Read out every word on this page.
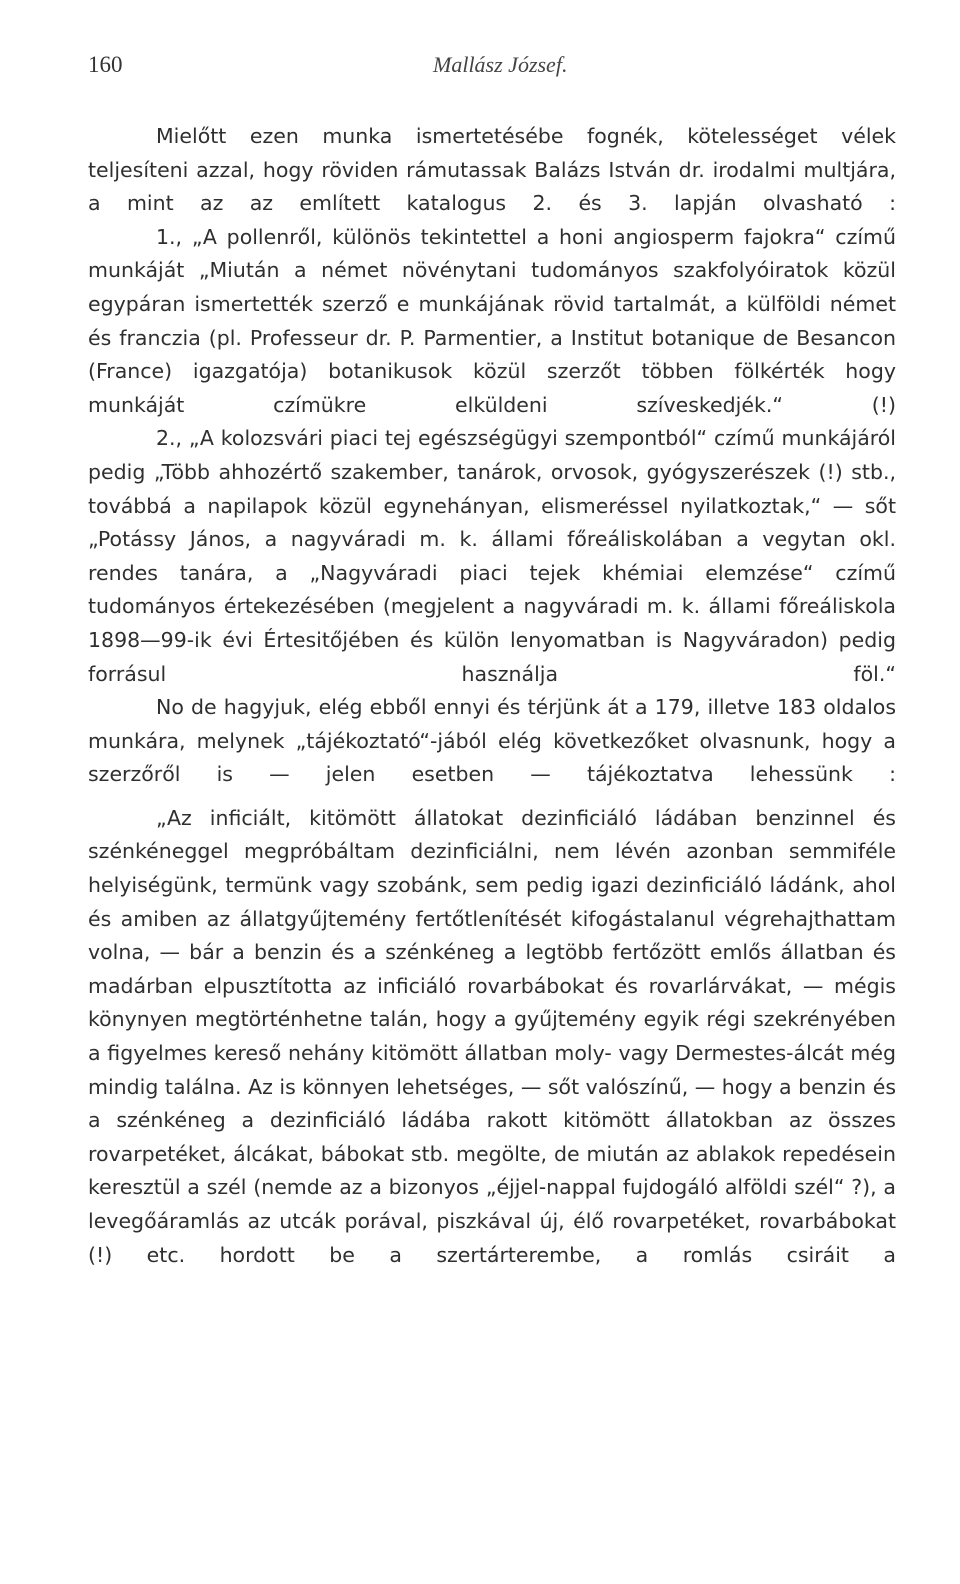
160	Mallász József.

Mielőtt ezen munka ismertetésébe fognék, kötelességet vélek teljesíteni azzal, hogy röviden rámutassak Balázs István dr. irodalmi multjára, a mint az az említett katalogus 2. és 3. lapján olvasható :

1., „A pollenről, különös tekintettel a honi angiosperm fajokra“ czímű munkáját „Miután a német növénytani tudományos szakfolyóiratok közül egypáran ismertették szerző e munkájának rövid tartalmát, a külföldi német és franczia (pl. Professeur dr. P. Parmentier, a Institut botanique de Besancon (France) igazgatója) botanikusok közül szerzőt többen fölkérték hogy munkáját czímükre elküldeni szíveskedjék.“ (!)

2., „A kolozsvári piaci tej egészségügyi szempontból“ czímű munkájáról pedig „Több ahhozértő szakember, tanárok, orvosok, gyógyszerészek (!) stb., továbbá a napilapok közül egynehányan, elismeréssel nyilatkoztak,“ — sőt „Potássy János, a nagyváradi m. k. állami főreáliskolában a vegytan okl. rendes tanára, a „Nagyváradi piaci tejek khémiai elemzése“ czímű tudományos értekezésében (megjelent a nagyváradi m. k. állami főreáliskola 1898—99-ik évi Értesitőjében és külön lenyomatban is Nagyváradon) pedig forrásul használja föl.“

No de hagyjuk, elég ebből ennyi és térjünk át a 179, illetve 183 oldalos munkára, melynek „tájékoztató“-jából elég következőket olvasnunk, hogy a szerzőről is — jelen esetben — tájékoztatva lehessünk :

„Az inficiált, kitömött állatokat dezinficiáló ládában benzinnel és szénkéneggel megpróbáltam dezinficiálni, nem lévén azonban semmiféle helyiségünk, termünk vagy szobánk, sem pedig igazi dezinficiáló ládánk, ahol és amiben az állatgyűjtemény fertőtlenítését kifogástalanul végrehajthattam volna, — bár a benzin és a szénkéneg a legtöbb fertőzött emlős állatban és madárban elpusztította az inficiáló rovarbábokat és rovarlárvákat, — mégis könynyen megtörténhetne talán, hogy a gyűjtemény egyik régi szekrényében a figyelmes kereső nehány kitömött állatban moly- vagy Dermestes-álcát még mindig találna. Az is könnyen lehetséges, — sőt valószínű, — hogy a benzin és a szénkéneg a dezinficiáló ládába rakott kitömött állatokban az összes rovarpetéket, álcákat, bábokat stb. megölte, de miután az ablakok repedésein keresztül a szél (nemde az a bizonyos „éjjel-nappal fujdogáló alföldi szél“ ?), a levegőáramlás az utcák porával, piszkával új, élő rovarpetéket, rovarbábokat (!) etc. hordott be a szertárterembe, a romlás csiráit a
